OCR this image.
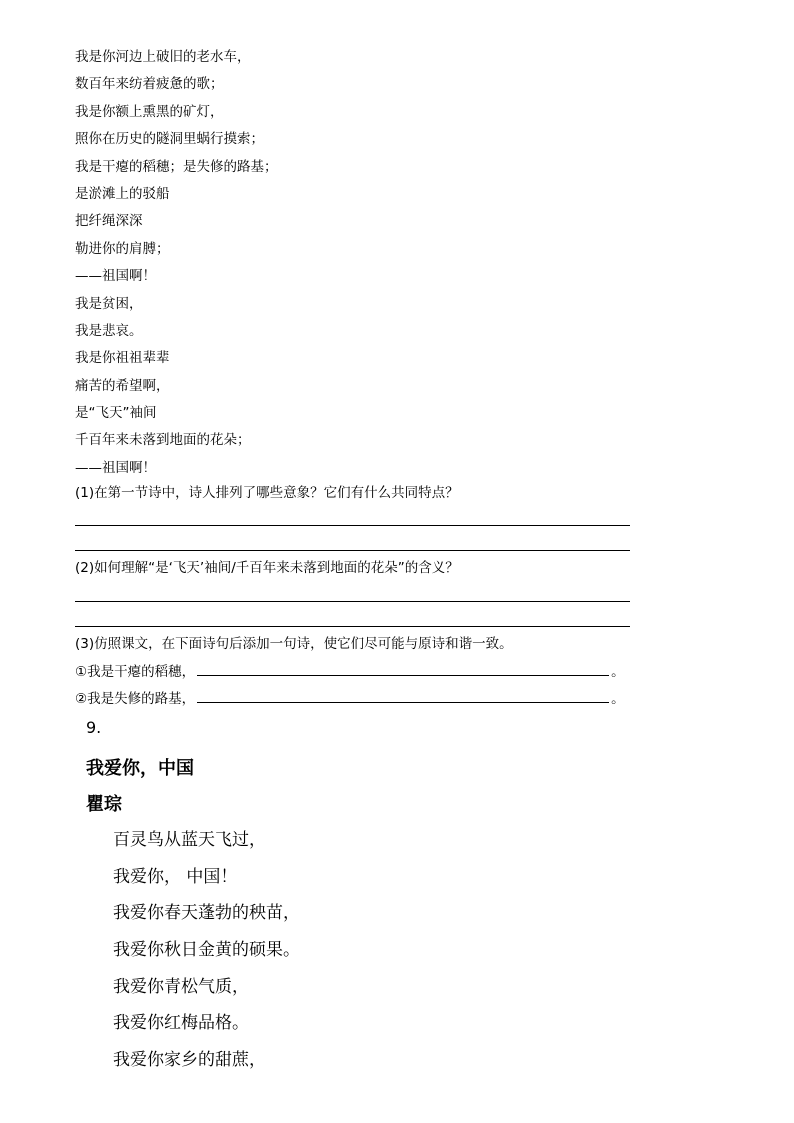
我是你河边上破旧的老水车，
数百年来纺着疲惫的歌；
我是你额上熏黑的矿灯，
照你在历史的隧洞里蜗行摸索；
我是干瘪的稻穗；是失修的路基；
是淤滩上的驳船
把纤绳深深
勒进你的肩膊；
——祖国啊！
我是贫困，
我是悲哀。
我是你祖祖辈辈
痛苦的希望啊，
是“飞天”袖间
千百年来未落到地面的花朵；
——祖国啊！
(1)在第一节诗中，诗人排列了哪些意象？它们有什么共同特点？
(2)如何理解“是‘飞天’袖间/千百年来未落到地面的花朵”的含义？
(3)仿照课文，在下面诗句后添加一句诗，使它们尽可能与原诗和谐一致。
①我是干瘪的稻穗，	。
②我是失修的路基，	。
9.
我爱你，中国
瞿琮
百灵鸟从蓝天飞过，
我爱你， 中国！
我爱你春天蓬勃的秧苗，
我爱你秋日金黄的硕果。
我爱你青松气质，
我爱你红梅品格。
我爱你家乡的甜蔗，
